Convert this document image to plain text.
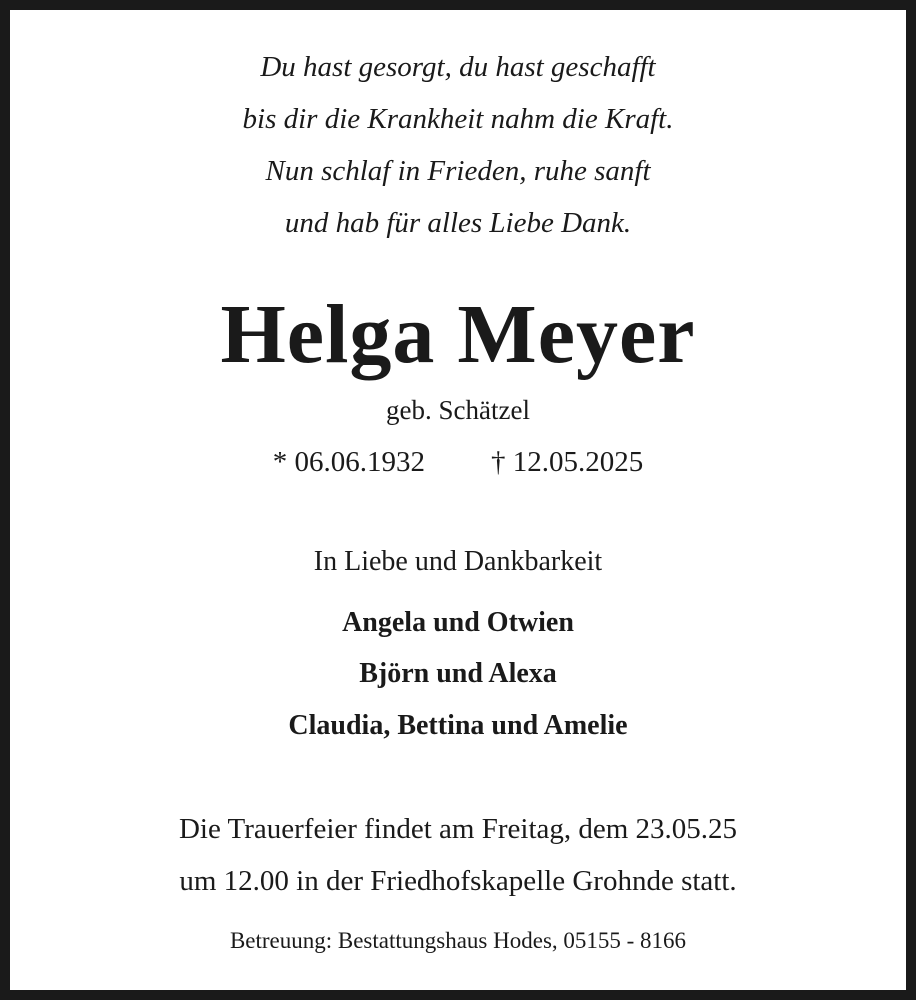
Du hast gesorgt, du hast geschafft
bis dir die Krankheit nahm die Kraft.
Nun schlaf in Frieden, ruhe sanft
und hab für alles Liebe Dank.
Helga Meyer
geb. Schätzel
* 06.06.1932 † 12.05.2025
In Liebe und Dankbarkeit
Angela und Otwien
Björn und Alexa
Claudia, Bettina und Amelie
Die Trauerfeier findet am Freitag, dem 23.05.25
um 12.00 in der Friedhofskapelle Grohnde statt.
Betreuung: Bestattungshaus Hodes, 05155 - 8166
